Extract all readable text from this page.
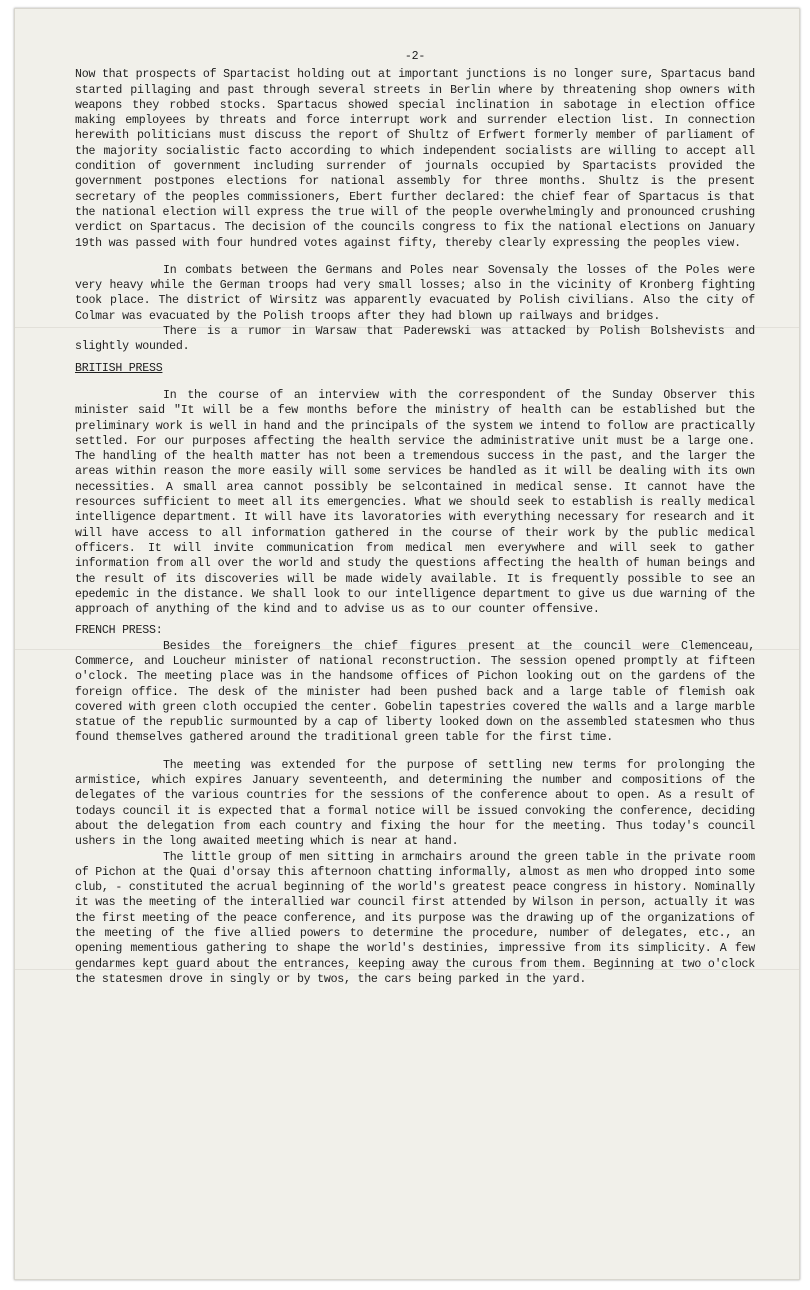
-2-

Now that prospects of Spartacist holding out at important junctions is no longer sure, Spartacus band started pillaging and past through several streets in Berlin where by threatening shop owners with weapons they robbed stocks. Spartacus showed special inclination in sabotage in election office making employees by threats and force interrupt work and surrender election list. In connection herewith politicians must discuss the report of Shultz of Erfwert formerly member of parliament of the majority socialistic facto according to which independent socialists are willing to accept all condition of government including surrender of journals occupied by Spartacists provided the government postpones elections for national assembly for three months. Shultz is the present secretary of the peoples commissioners, Ebert further declared: the chief fear of Spartacus is that the national election will express the true will of the people overwhelmingly and pronounced crushing verdict on Spartacus. The decision of the councils congress to fix the national elections on January 19th was passed with four hundred votes against fifty, thereby clearly expressing the peoples view.

In combats between the Germans and Poles near Sovensaly the losses of the Poles were very heavy while the German troops had very small losses; also in the vicinity of Kronberg fighting took place. The district of Wirsitz was apparently evacuated by Polish civilians. Also the city of Colmar was evacuated by the Polish troops after they had blown up railways and bridges.

There is a rumor in Warsaw that Paderewski was attacked by Polish Bolshevists and slightly wounded.

BRITISH PRESS

In the course of an interview with the correspondent of the Sunday Observer this minister said "It will be a few months before the ministry of health can be established but the preliminary work is well in hand and the principals of the system we intend to follow are practically settled. For our purposes affecting the health service the administrative unit must be a large one. The handling of the health matter has not been a tremendous success in the past, and the larger the areas within reason the more easily will some services be handled as it will be dealing with its own necessities. A small area cannot possibly be selcontained in medical sense. It cannot have the resources sufficient to meet all its emergencies. What we should seek to establish is really medical intelligence department. It will have its lavoratories with everything necessary for research and it will have access to all information gathered in the course of their work by the public medical officers. It will invite communication from medical men everywhere and will seek to gather information from all over the world and study the questions affecting the health of human beings and the result of its discoveries will be made widely available. It is frequently possible to see an epedemic in the distance. We shall look to our intelligence department to give us due warning of the approach of anything of the kind and to advise us as to our counter offensive.

FRENCH PRESS:

Besides the foreigners the chief figures present at the council were Clemenceau, Commerce, and Loucheur minister of national reconstruction. The session opened promptly at fifteen o'clock. The meeting place was in the handsome offices of Pichon looking out on the gardens of the foreign office. The desk of the minister had been pushed back and a large table of flemish oak covered with green cloth occupied the center. Gobelin tapestries covered the walls and a large marble statue of the republic surmounted by a cap of liberty looked down on the assembled statesmen who thus found themselves gathered around the traditional green table for the first time.

The meeting was extended for the purpose of settling new terms for prolonging the armistice, which expires January seventeenth, and determining the number and compositions of the delegates of the various countries for the sessions of the conference about to open. As a result of todays council it is expected that a formal notice will be issued convoking the conference, deciding about the delegation from each country and fixing the hour for the meeting. Thus today's council ushers in the long awaited meeting which is near at hand.

The little group of men sitting in armchairs around the green table in the private room of Pichon at the Quai d'orsay this afternoon chatting informally, almost as men who dropped into some club, - constituted the acrual beginning of the world's greatest peace congress in history. Nominally it was the meeting of the interallied war council first attended by Wilson in person, actually it was the first meeting of the peace conference, and its purpose was the drawing up of the organizations of the meeting of the five allied powers to determine the procedure, number of delegates, etc., an opening mementious gathering to shape the world's destinies, impressive from its simplicity. A few gendarmes kept guard about the entrances, keeping away the curous from them. Beginning at two o'clock the statesmen drove in singly or by twos, the cars being parked in the yard.
